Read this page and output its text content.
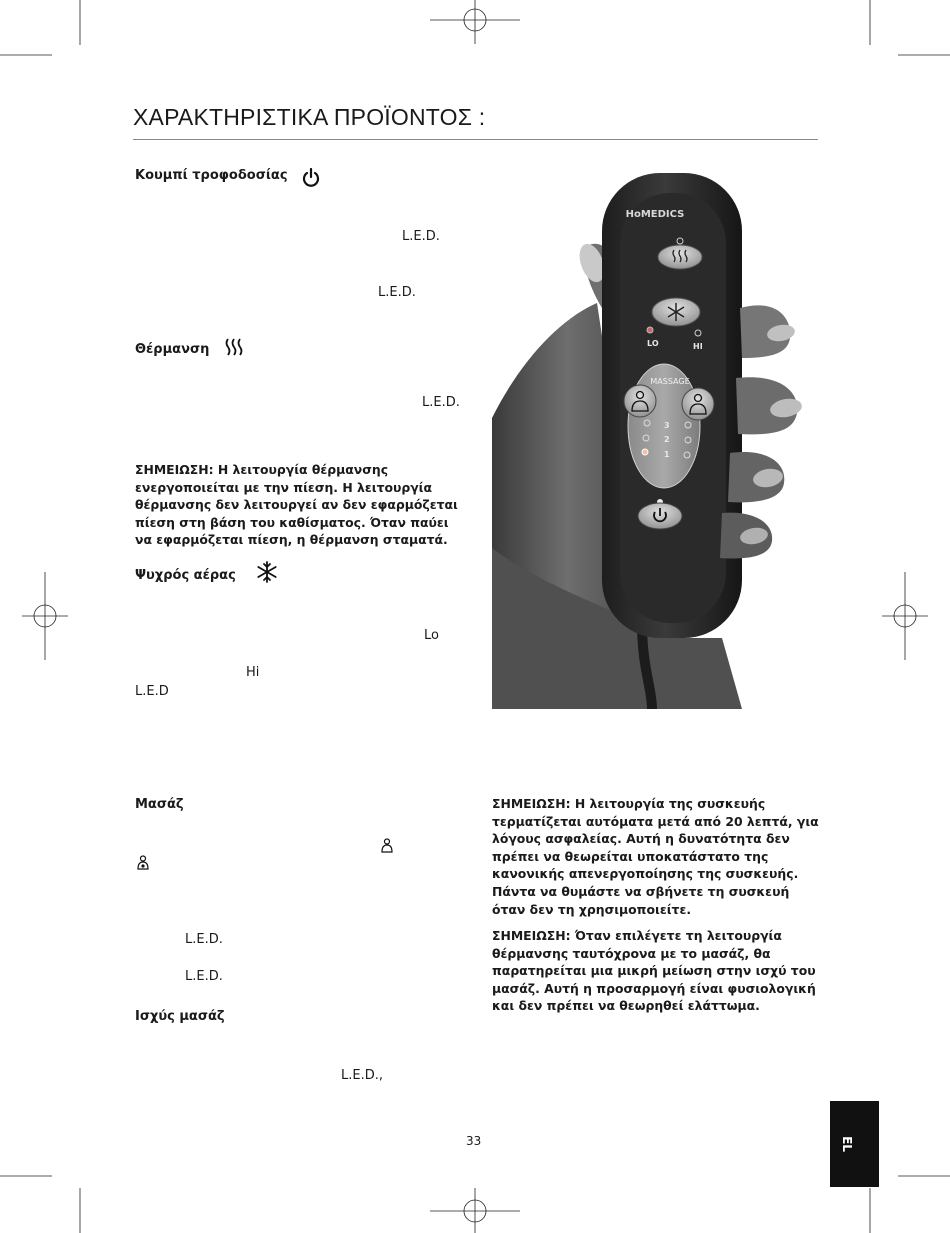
ΧΑΡΑΚΤΗΡΙΣΤΙΚΑ ΠΡΟΪΟΝΤΟΣ :
Κουμπί τροφοδοσίας
L.E.D.
L.E.D.
Θέρμανση
L.E.D.
ΣΗΜΕΙΩΣΗ: Η λειτουργία θέρμανσης ενεργοποιείται με την πίεση. Η λειτουργία θέρμανσης δεν λειτουργεί αν δεν εφαρμόζεται πίεση στη βάση του καθίσματος. Όταν παύει να εφαρμόζεται πίεση, η θέρμανση σταματά.
Ψυχρός αέρας
Lo
Hi
L.E.D
Μασάζ
L.E.D.
L.E.D.
Ισχύς μασάζ
L.E.D.,
ΣΗΜΕΙΩΣΗ: Η λειτουργία της συσκευής τερματίζεται αυτόματα μετά από 20 λεπτά, για λόγους ασφαλείας. Αυτή η δυνατότητα δεν πρέπει να θεωρείται υποκατάστατο της κανονικής απενεργοποίησης της συσκευής. Πάντα να θυμάστε να σβήνετε τη συσκευή όταν δεν τη χρησιμοποιείτε.
ΣΗΜΕΙΩΣΗ: Όταν επιλέγετε τη λειτουργία θέρμανσης ταυτόχρονα με το μασάζ, θα παρατηρείται μια μικρή μείωση στην ισχύ του μασάζ. Αυτή η προσαρμογή είναι φυσιολογική και δεν πρέπει να θεωρηθεί ελάττωμα.
HoMEDICS
LO	HI
MASSAGE
3
2
1
33	EL
